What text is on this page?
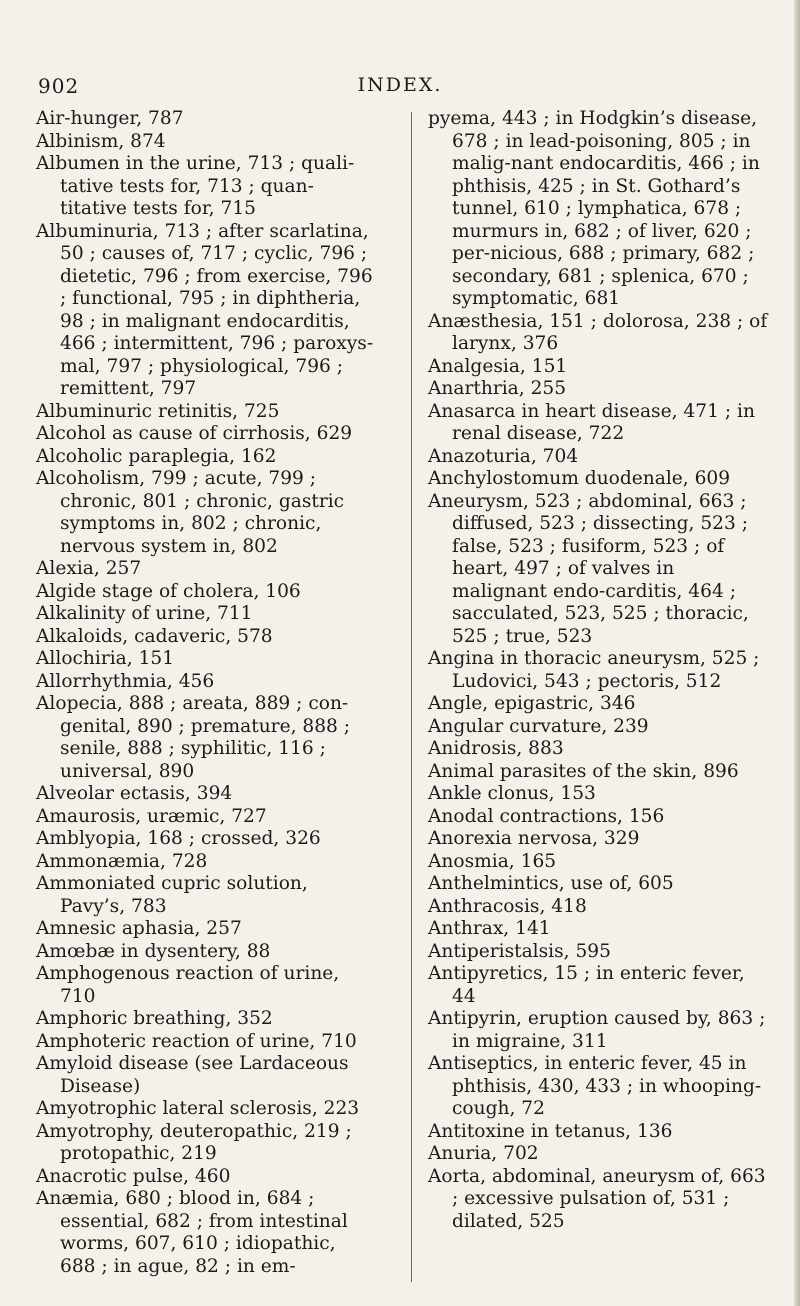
902	INDEX.

Air-hunger, 787

Albinism, 874

Albumen in the urine, 713 ; quali-tative tests for, 713 ; quan-titative tests for, 715

Albuminuria, 713 ; after scarlatina, 50 ; causes of, 717 ; cyclic, 796 ; dietetic, 796 ; from exercise, 796 ; functional, 795 ; in diphtheria, 98 ; in malignant endocarditis, 466 ; intermittent, 796 ; paroxys-mal, 797 ; physiological, 796 ; remittent, 797

Albuminuric retinitis, 725

Alcohol as cause of cirrhosis, 629

Alcoholic paraplegia, 162

Alcoholism, 799 ; acute, 799 ; chronic, 801 ; chronic, gastric symptoms in, 802 ; chronic, nervous system in, 802

Alexia, 257

Algide stage of cholera, 106

Alkalinity of urine, 711

Alkaloids, cadaveric, 578

Allochiria, 151

Allorrhythmia, 456

Alopecia, 888 ; areata, 889 ; con-genital, 890 ; premature, 888 ; senile, 888 ; syphilitic, 116 ; universal, 890

Alveolar ectasis, 394

Amaurosis, uræmic, 727

Amblyopia, 168 ; crossed, 326

Ammonæmia, 728

Ammoniated cupric solution, Pavy’s, 783

Amnesic aphasia, 257

Amœbæ in dysentery, 88

Amphogenous reaction of urine, 710

Amphoric breathing, 352

Amphoteric reaction of urine, 710

Amyloid disease (see Lardaceous Disease)

Amyotrophic lateral sclerosis, 223

Amyotrophy, deuteropathic, 219 ; protopathic, 219

Anacrotic pulse, 460

Anæmia, 680 ; blood in, 684 ; essential, 682 ; from intestinal worms, 607, 610 ; idiopathic, 688 ; in ague, 82 ; in em-

pyema, 443 ; in Hodgkin’s disease, 678 ; in lead-poisoning, 805 ; in malig-nant endocarditis, 466 ; in phthisis, 425 ; in St. Gothard’s tunnel, 610 ; lymphatica, 678 ; murmurs in, 682 ; of liver, 620 ; per-nicious, 688 ; primary, 682 ; secondary, 681 ; splenica, 670 ; symptomatic, 681

Anæsthesia, 151 ; dolorosa, 238 ; of larynx, 376

Analgesia, 151

Anarthria, 255

Anasarca in heart disease, 471 ; in renal disease, 722

Anazoturia, 704

Anchylostomum duodenale, 609

Aneurysm, 523 ; abdominal, 663 ; diffused, 523 ; dissecting, 523 ; false, 523 ; fusiform, 523 ; of heart, 497 ; of valves in malignant endo-carditis, 464 ; sacculated, 523, 525 ; thoracic, 525 ; true, 523

Angina in thoracic aneurysm, 525 ; Ludovici, 543 ; pectoris, 512

Angle, epigastric, 346

Angular curvature, 239

Anidrosis, 883

Animal parasites of the skin, 896

Ankle clonus, 153

Anodal contractions, 156

Anorexia nervosa, 329

Anosmia, 165

Anthelmintics, use of, 605

Anthracosis, 418

Anthrax, 141

Antiperistalsis, 595

Antipyretics, 15 ; in enteric fever, 44

Antipyrin, eruption caused by, 863 ; in migraine, 311

Antiseptics, in enteric fever, 45 in phthisis, 430, 433 ; in whooping-cough, 72

Antitoxine in tetanus, 136

Anuria, 702

Aorta, abdominal, aneurysm of, 663 ; excessive pulsation of, 531 ; dilated, 525
